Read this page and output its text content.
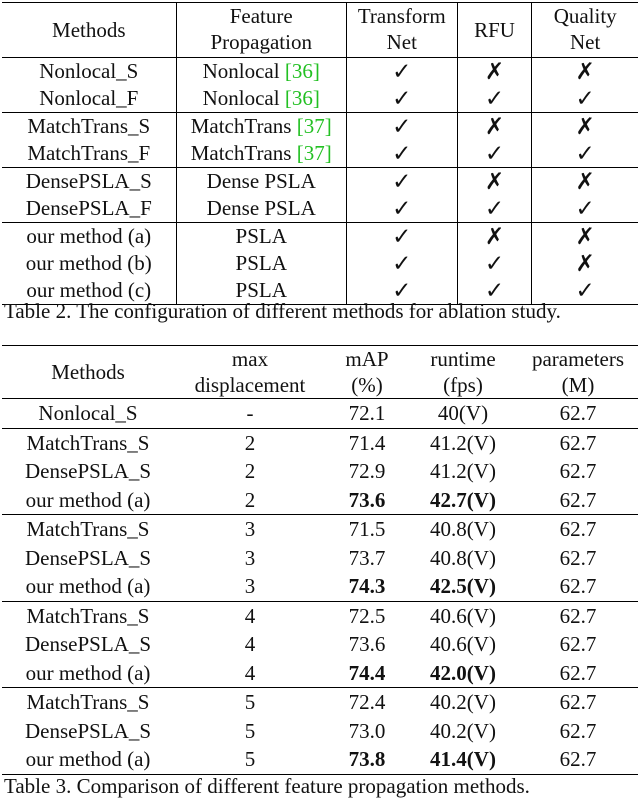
Methods	Feature	Transform	RFU	Quality
	Propagation	Net		Net
Nonlocal_S	Nonlocal [36]	✓	✗	✗
Nonlocal_F	Nonlocal [36]	✓	✓	✓
MatchTrans_S	MatchTrans [37]	✓	✗	✗
MatchTrans_F	MatchTrans [37]	✓	✓	✓
DensePSLA_S	Dense PSLA	✓	✗	✗
DensePSLA_F	Dense PSLA	✓	✓	✓
our method (a)	PSLA	✓	✗	✗
our method (b)	PSLA	✓	✓	✗
our method (c)	PSLA	✓	✓	✓
Table 2. The configuration of different methods for ablation study.
Methods	max	mAP	runtime	parameters
	displacement	(%)	(fps)	(M)
Nonlocal_S	-	72.1	40(V)	62.7
MatchTrans_S	2	71.4	41.2(V)	62.7
DensePSLA_S	2	72.9	41.2(V)	62.7
our method (a)	2	73.6	42.7(V)	62.7
MatchTrans_S	3	71.5	40.8(V)	62.7
DensePSLA_S	3	73.7	40.8(V)	62.7
our method (a)	3	74.3	42.5(V)	62.7
MatchTrans_S	4	72.5	40.6(V)	62.7
DensePSLA_S	4	73.6	40.6(V)	62.7
our method (a)	4	74.4	42.0(V)	62.7
MatchTrans_S	5	72.4	40.2(V)	62.7
DensePSLA_S	5	73.0	40.2(V)	62.7
our method (a)	5	73.8	41.4(V)	62.7
Table 3. Comparison of different feature propagation methods.
